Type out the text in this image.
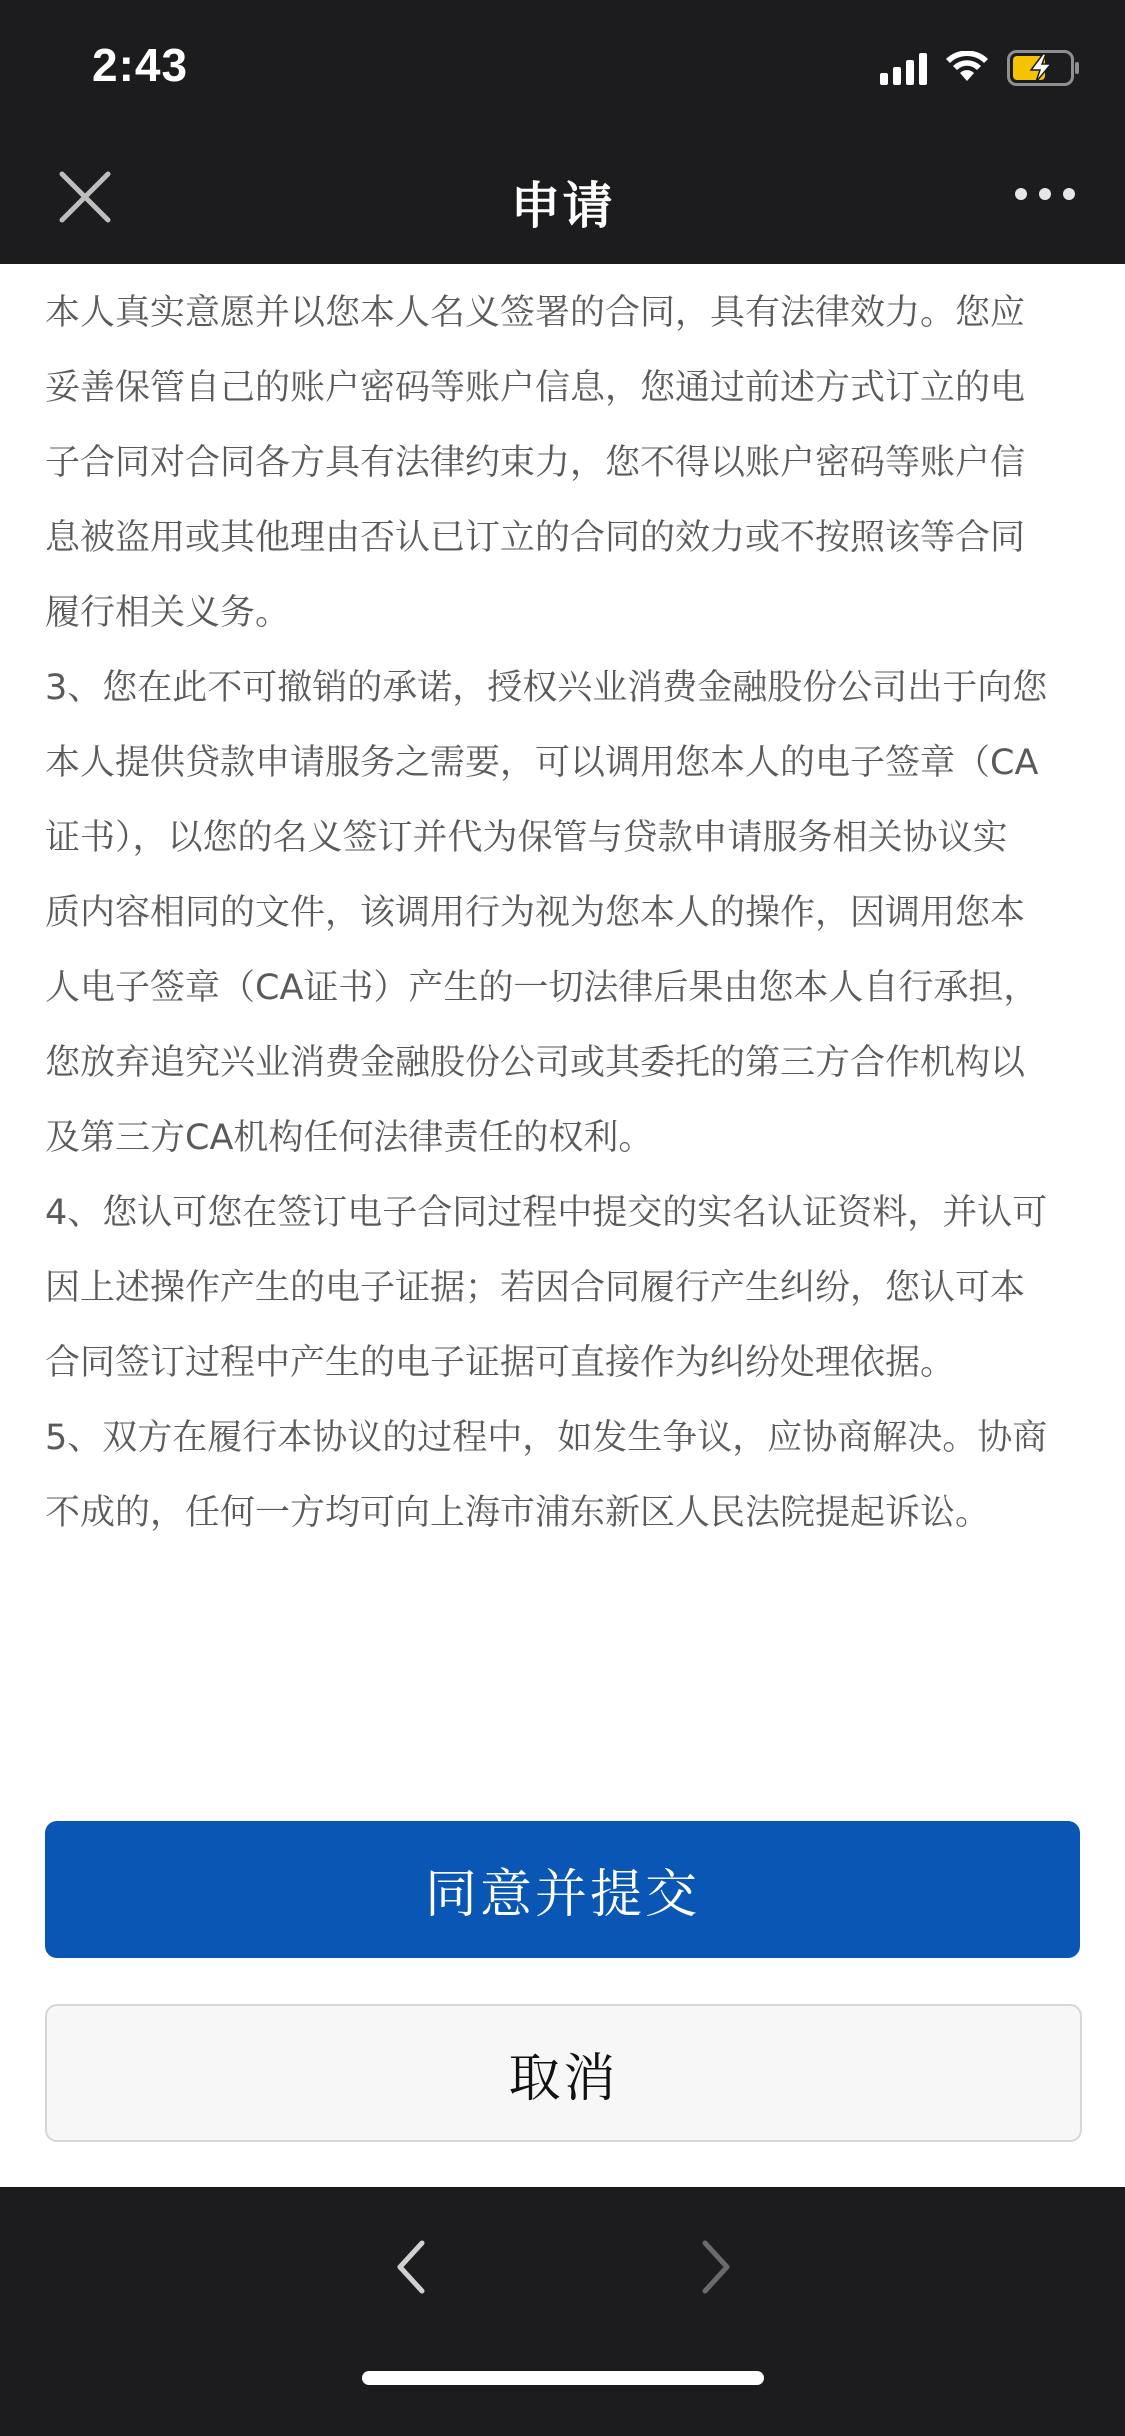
2:43
申请

本人真实意愿并以您本人名义签署的合同，具有法律效力。您应

妥善保管自己的账户密码等账户信息，您通过前述方式订立的电

子合同对合同各方具有法律约束力，您不得以账户密码等账户信

息被盗用或其他理由否认已订立的合同的效力或不按照该等合同

履行相关义务。

3、您在此不可撤销的承诺，授权兴业消费金融股份公司出于向您

本人提供贷款申请服务之需要，可以调用您本人的电子签章（CA

证书），以您的名义签订并代为保管与贷款申请服务相关协议实

质内容相同的文件，该调用行为视为您本人的操作，因调用您本

人电子签章（CA证书）产生的一切法律后果由您本人自行承担，

您放弃追究兴业消费金融股份公司或其委托的第三方合作机构以

及第三方CA机构任何法律责任的权利。

4、您认可您在签订电子合同过程中提交的实名认证资料，并认可

因上述操作产生的电子证据；若因合同履行产生纠纷，您认可本

合同签订过程中产生的电子证据可直接作为纠纷处理依据。

5、双方在履行本协议的过程中，如发生争议，应协商解决。协商

不成的，任何一方均可向上海市浦东新区人民法院提起诉讼。

同意并提交
取消
